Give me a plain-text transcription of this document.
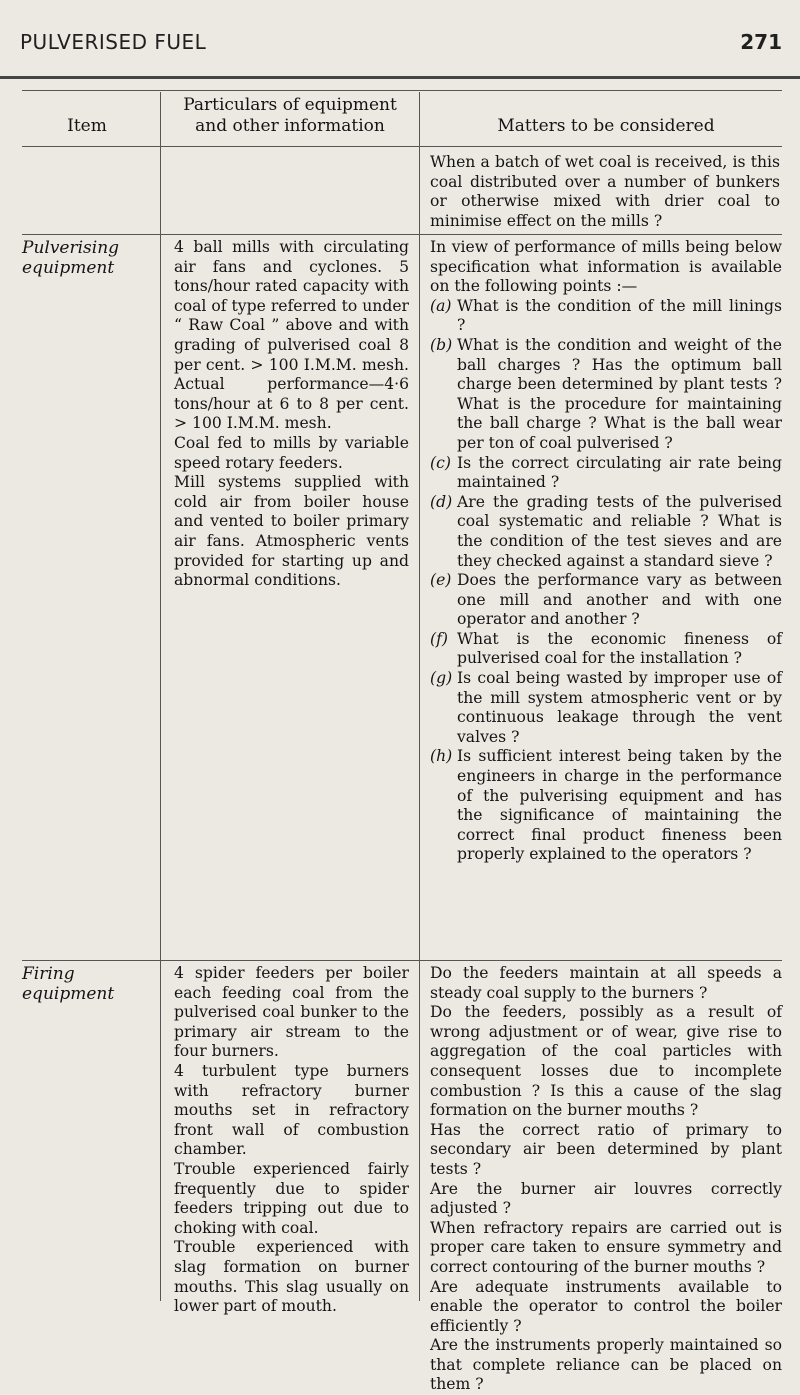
PULVERISED FUEL	271
Item
Particulars of equipment and other information	Matters to be considered
When a batch of wet coal is received, is this coal distributed over a number of bunkers or otherwise mixed with drier coal to minimise effect on the mills ?
Pulverising equipment

4 ball mills with circulating air fans and cyclones. 5 tons/hour rated capacity with coal of type referred to under “ Raw Coal ” above and with grading of pulverised coal 8 per cent. > 100 I.M.M. mesh. Actual performance—4·6 tons/hour at 6 to 8 per cent. > 100 I.M.M. mesh.

Coal fed to mills by variable speed rotary feeders.

Mill systems supplied with cold air from boiler house and vented to boiler primary air fans. Atmospheric vents provided for starting up and abnormal conditions.

In view of performance of mills being below specification what information is available on the following points :—

(a) What is the condition of the mill linings ?
(b) What is the condition and weight of the ball charges ? Has the optimum ball charge been determined by plant tests ? What is the procedure for maintaining the ball charge ? What is the ball wear per ton of coal pulverised ?
(c) Is the correct circulating air rate being maintained ?
(d) Are the grading tests of the pulverised coal systematic and reliable ? What is the condition of the test sieves and are they checked against a standard sieve ?
(e) Does the performance vary as between one mill and another and with one operator and another ?
(f) What is the economic fineness of pulverised coal for the installation ?
(g) Is coal being wasted by improper use of the mill system atmospheric vent or by continuous leakage through the vent valves ?
(h) Is sufficient interest being taken by the engineers in charge in the performance of the pulverising equipment and has the significance of maintaining the correct final product fineness been properly explained to the operators ?
Firing equipment

4 spider feeders per boiler each feeding coal from the pulverised coal bunker to the primary air stream to the four burners.

4 turbulent type burners with refractory burner mouths set in refractory front wall of combustion chamber.

Trouble experienced fairly frequently due to spider feeders tripping out due to choking with coal.

Trouble experienced with slag formation on burner mouths. This slag usually on lower part of mouth.

Do the feeders maintain at all speeds a steady coal supply to the burners ?

Do the feeders, possibly as a result of wrong adjustment or of wear, give rise to aggregation of the coal particles with consequent losses due to incomplete combustion ? Is this a cause of the slag formation on the burner mouths ?

Has the correct ratio of primary to secondary air been determined by plant tests ?

Are the burner air louvres correctly adjusted ?

When refractory repairs are carried out is proper care taken to ensure symmetry and correct contouring of the burner mouths ?

Are adequate instruments available to enable the operator to control the boiler efficiently ?

Are the instruments properly maintained so that complete reliance can be placed on them ?
